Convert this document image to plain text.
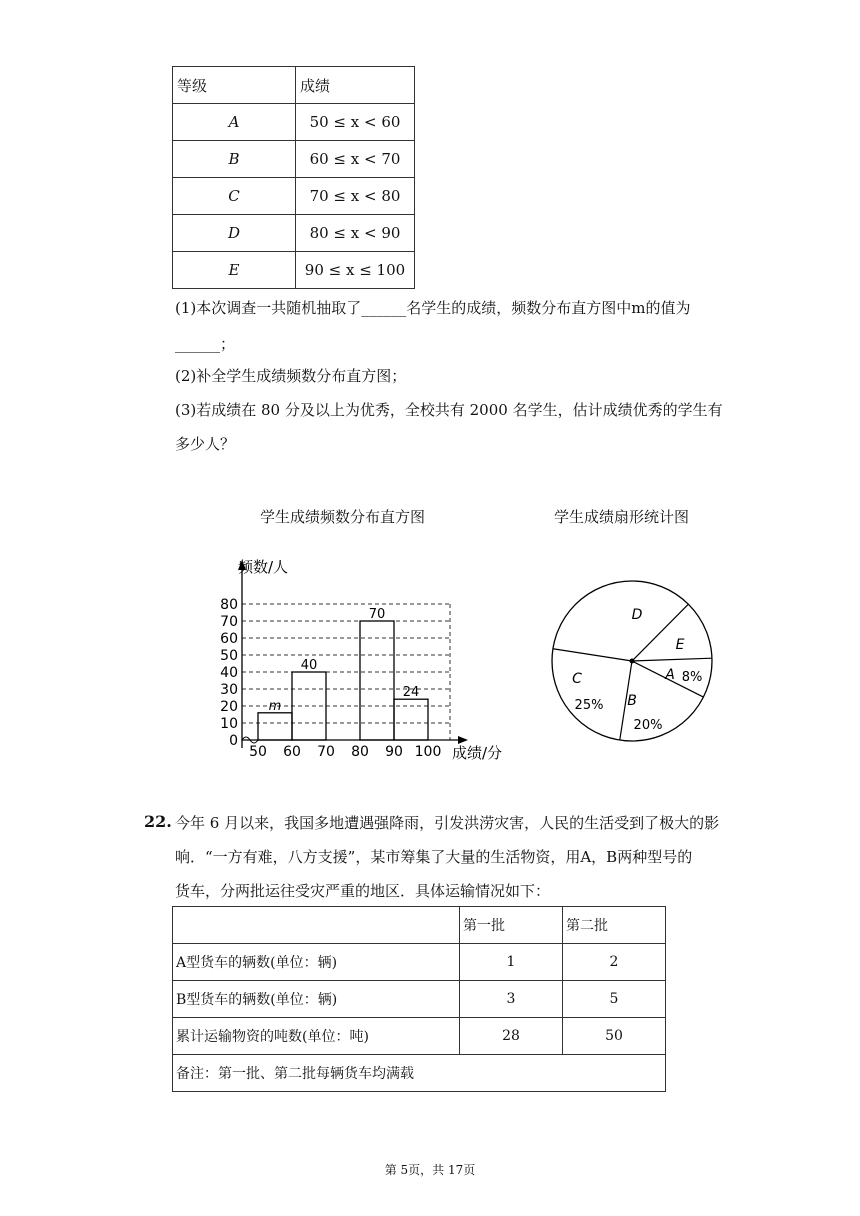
等级	成绩
A	50 ≤ x < 60
B	60 ≤ x < 70
C	70 ≤ x < 80
D	80 ≤ x < 90
E	90 ≤ x ≤ 100
(1)本次调查一共随机抽取了______名学生的成绩，频数分布直方图中m的值为
______；
(2)补全学生成绩频数分布直方图；
(3)若成绩在 80 分及以上为优秀，全校共有 2000 名学生，估计成绩优秀的学生有
多少人？
学生成绩频数分布直方图	学生成绩扇形统计图
0
10
20
30
40
50
60
70
80
m
40
70
24
50 60 70 80 90 100
频数/人
成绩/分
A 8%
B
20%
C
25%
D
E
22. 今年 6 月以来，我国多地遭遇强降雨，引发洪涝灾害，人民的生活受到了极大的影
响．“一方有难，八方支援”，某市筹集了大量的生活物资，用A，B两种型号的
货车，分两批运往受灾严重的地区．具体运输情况如下：
	第一批	第二批
A型货车的辆数(单位：辆)	1	2
B型货车的辆数(单位：辆)	3	5
累计运输物资的吨数(单位：吨)	28	50
备注：第一批、第二批每辆货车均满载		
第 5页，共 17页
